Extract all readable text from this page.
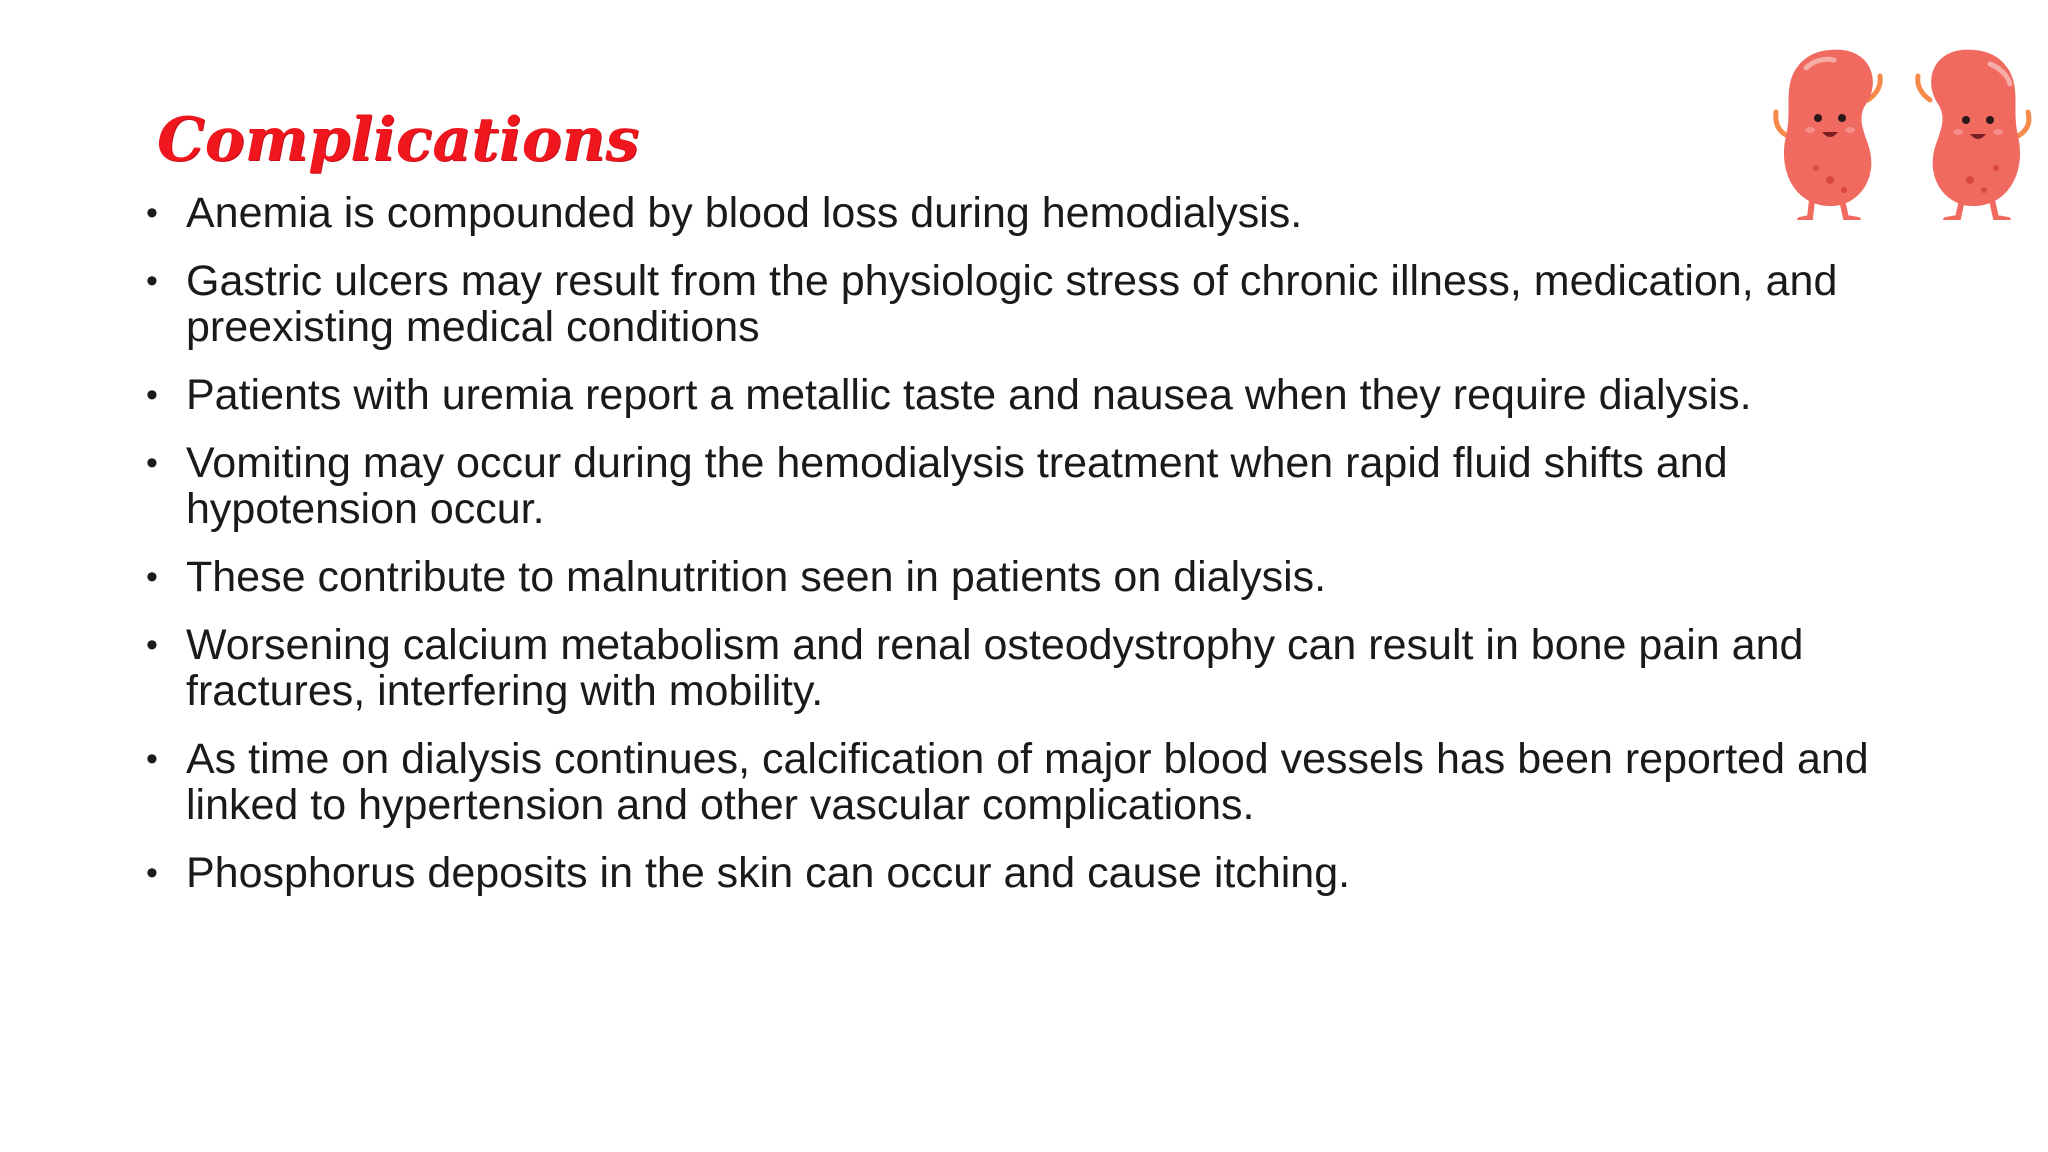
Complications
• Anemia is compounded by blood loss during hemodialysis.
• Gastric ulcers may result from the physiologic stress of chronic illness, medication, and preexisting medical conditions
• Patients with uremia report a metallic taste and nausea when they require dialysis.
• Vomiting may occur during the hemodialysis treatment when rapid fluid shifts and hypotension occur.
• These contribute to malnutrition seen in patients on dialysis.
• Worsening calcium metabolism and renal osteodystrophy can result in bone pain and fractures, interfering with mobility.
• As time on dialysis continues, calcification of major blood vessels has been reported and linked to hypertension and other vascular complications.
• Phosphorus deposits in the skin can occur and cause itching.
